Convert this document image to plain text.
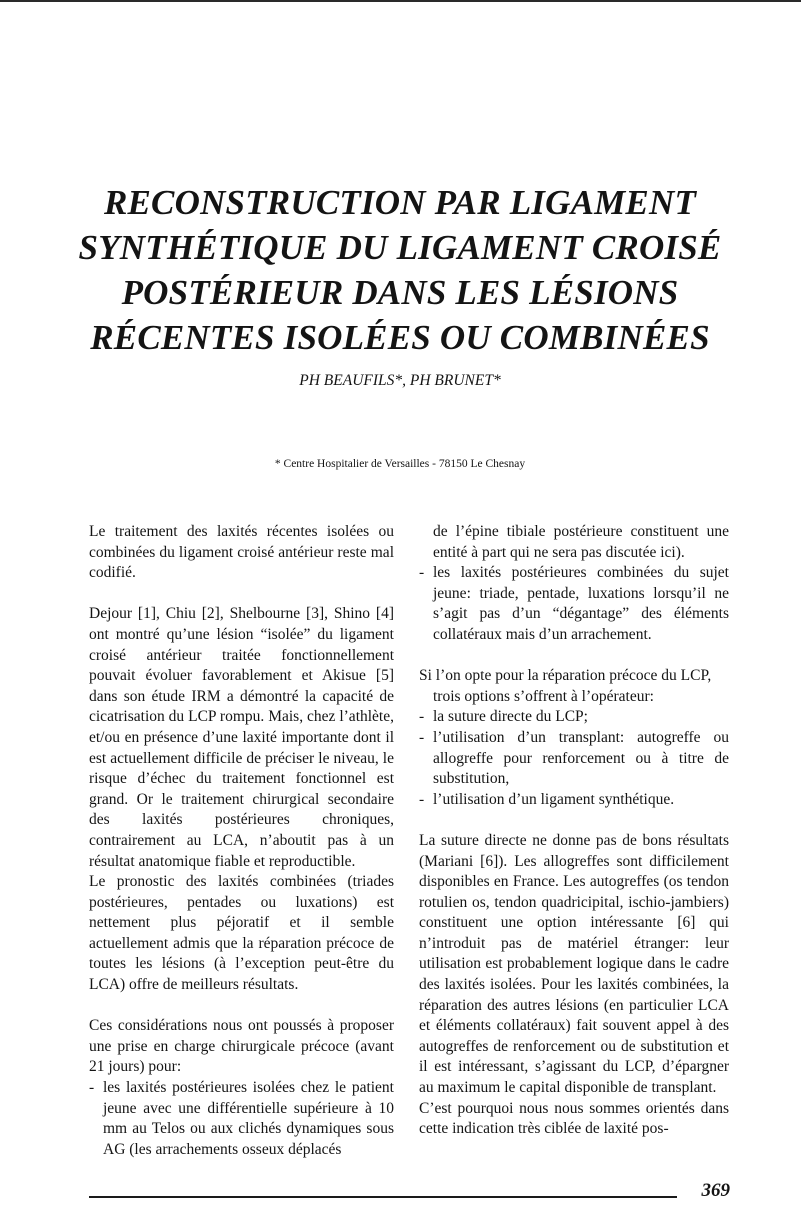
RECONSTRUCTION PAR LIGAMENT
SYNTHÉTIQUE DU LIGAMENT CROISÉ
POSTÉRIEUR DANS LES LÉSIONS
RÉCENTES ISOLÉES OU COMBINÉES
PH BEAUFILS*, PH BRUNET*
* Centre Hospitalier de Versailles - 78150 Le Chesnay

Le traitement des laxités récentes isolées ou combinées du ligament croisé antérieur reste mal codifié.

Dejour [1], Chiu [2], Shelbourne [3], Shino [4] ont montré qu’une lésion “isolée” du ligament croisé antérieur traitée fonctionnellement pouvait évoluer favorablement et Akisue [5] dans son étude IRM a démontré la capacité de cicatrisation du LCP rompu. Mais, chez l’athlète, et/ou en présence d’une laxité importante dont il est actuellement difficile de préciser le niveau, le risque d’échec du traitement fonctionnel est grand. Or le traitement chirurgical secondaire des laxités postérieures chroniques, contrairement au LCA, n’aboutit pas à un résultat anatomique fiable et reproductible.

Le pronostic des laxités combinées (triades postérieures, pentades ou luxations) est nettement plus péjoratif et il semble actuellement admis que la réparation précoce de toutes les lésions (à l’exception peut-être du LCA) offre de meilleurs résultats.

Ces considérations nous ont poussés à proposer une prise en charge chirurgicale précoce (avant 21 jours) pour:

- les laxités postérieures isolées chez le patient jeune avec une différentielle supérieure à 10 mm au Telos ou aux clichés dynamiques sous AG (les arrachements osseux déplacés
de l’épine tibiale postérieure constituent une entité à part qui ne sera pas discutée ici).
- les laxités postérieures combinées du sujet jeune: triade, pentade, luxations lorsqu’il ne s’agit pas d’un “dégantage” des éléments collatéraux mais d’un arrachement.
Si l’on opte pour la réparation précoce du LCP,
trois options s’offrent à l’opérateur:
- la suture directe du LCP;
- l’utilisation d’un transplant: autogreffe ou allogreffe pour renforcement ou à titre de substitution,
- l’utilisation d’un ligament synthétique.

La suture directe ne donne pas de bons résultats (Mariani [6]). Les allogreffes sont difficilement disponibles en France. Les autogreffes (os tendon rotulien os, tendon quadricipital, ischio-jambiers) constituent une option intéressante [6] qui n’introduit pas de matériel étranger: leur utilisation est probablement logique dans le cadre des laxités isolées. Pour les laxités combinées, la réparation des autres lésions (en particulier LCA et éléments collatéraux) fait souvent appel à des autogreffes de renforcement ou de substitution et il est intéressant, s’agissant du LCP, d’épargner au maximum le capital disponible de transplant.

C’est pourquoi nous nous sommes orientés dans cette indication très ciblée de laxité pos-

369
